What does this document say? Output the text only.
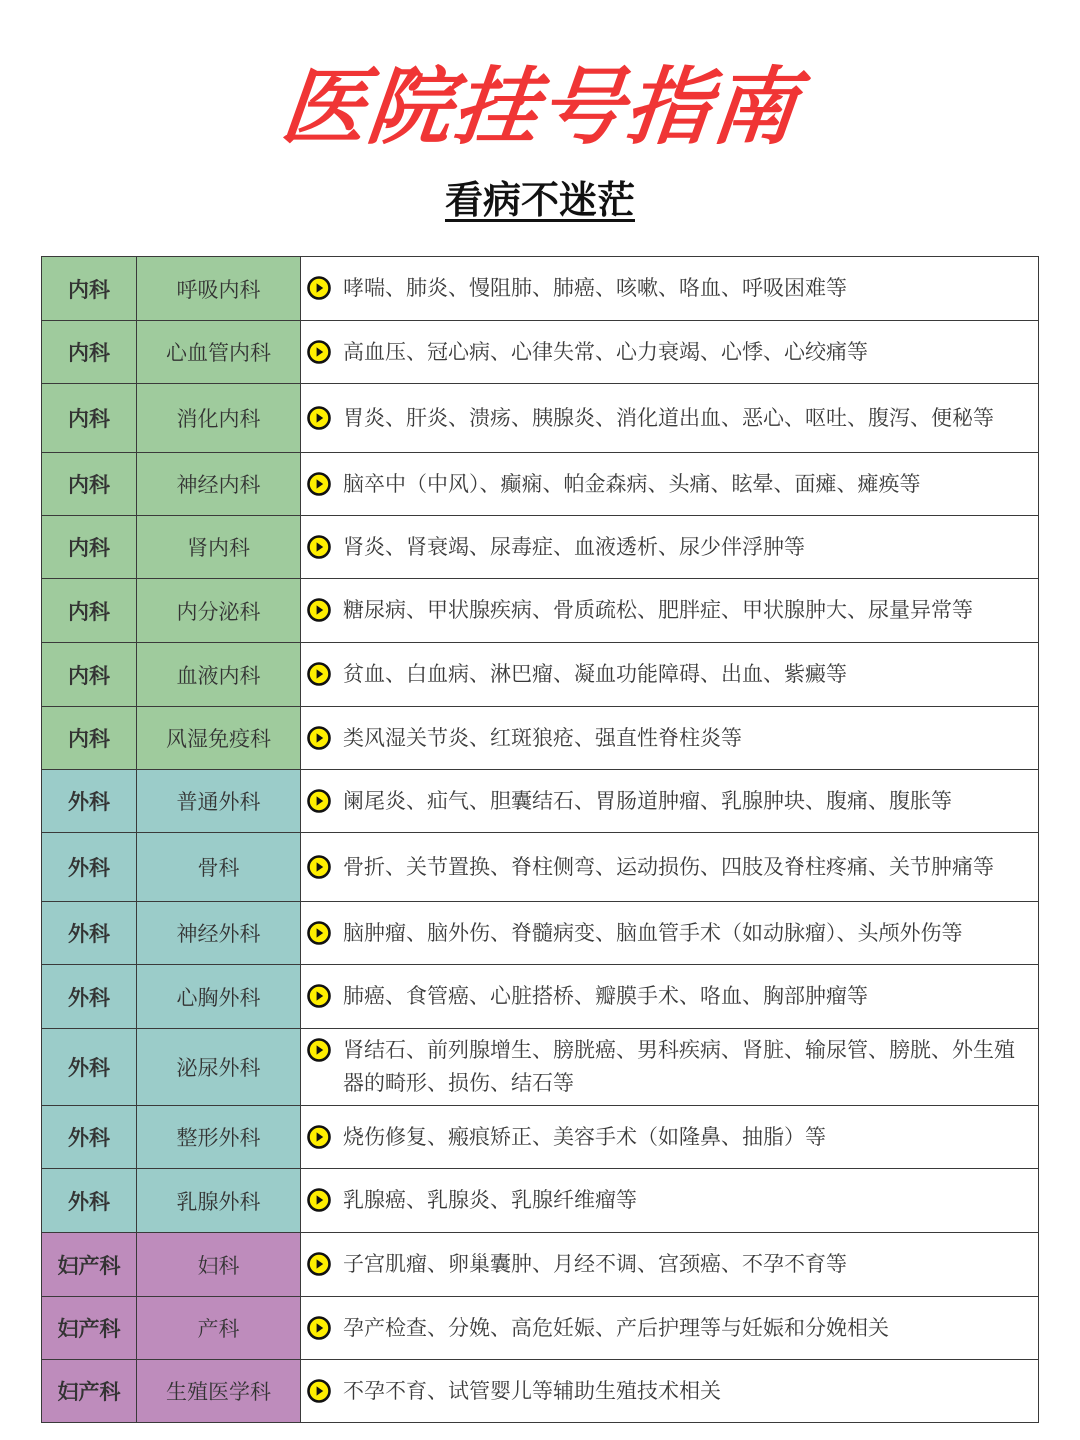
医院挂号指南
看病不迷茫
内科	呼吸内科	哮喘、肺炎、慢阻肺、肺癌、咳嗽、咯血、呼吸困难等

内科	心血管内科	高血压、冠心病、心律失常、心力衰竭、心悸、心绞痛等

内科	消化内科	胃炎、肝炎、溃疡、胰腺炎、消化道出血、恶心、呕吐、腹泻、便秘等

内科	神经内科	脑卒中（中风）、癫痫、帕金森病、头痛、眩晕、面瘫、瘫痪等

内科	肾内科	肾炎、肾衰竭、尿毒症、血液透析、尿少伴浮肿等

内科	内分泌科	糖尿病、甲状腺疾病、骨质疏松、肥胖症、甲状腺肿大、尿量异常等

内科	血液内科	贫血、白血病、淋巴瘤、凝血功能障碍、出血、紫癜等

内科	风湿免疫科	类风湿关节炎、红斑狼疮、强直性脊柱炎等

外科	普通外科	阑尾炎、疝气、胆囊结石、胃肠道肿瘤、乳腺肿块、腹痛、腹胀等

外科	骨科	骨折、关节置换、脊柱侧弯、运动损伤、四肢及脊柱疼痛、关节肿痛等

外科	神经外科	脑肿瘤、脑外伤、脊髓病变、脑血管手术（如动脉瘤）、头颅外伤等

外科	心胸外科	肺癌、食管癌、心脏搭桥、瓣膜手术、咯血、胸部肿瘤等

外科	泌尿外科	肾结石、前列腺增生、膀胱癌、男科疾病、肾脏、输尿管、膀胱、外生殖器的畸形、损伤、结石等

外科	整形外科	烧伤修复、瘢痕矫正、美容手术（如隆鼻、抽脂）等

外科	乳腺外科	乳腺癌、乳腺炎、乳腺纤维瘤等

妇产科	妇科	子宫肌瘤、卵巢囊肿、月经不调、宫颈癌、不孕不育等

妇产科	产科	孕产检查、分娩、高危妊娠、产后护理等与妊娠和分娩相关

妇产科	生殖医学科	不孕不育、试管婴儿等辅助生殖技术相关
